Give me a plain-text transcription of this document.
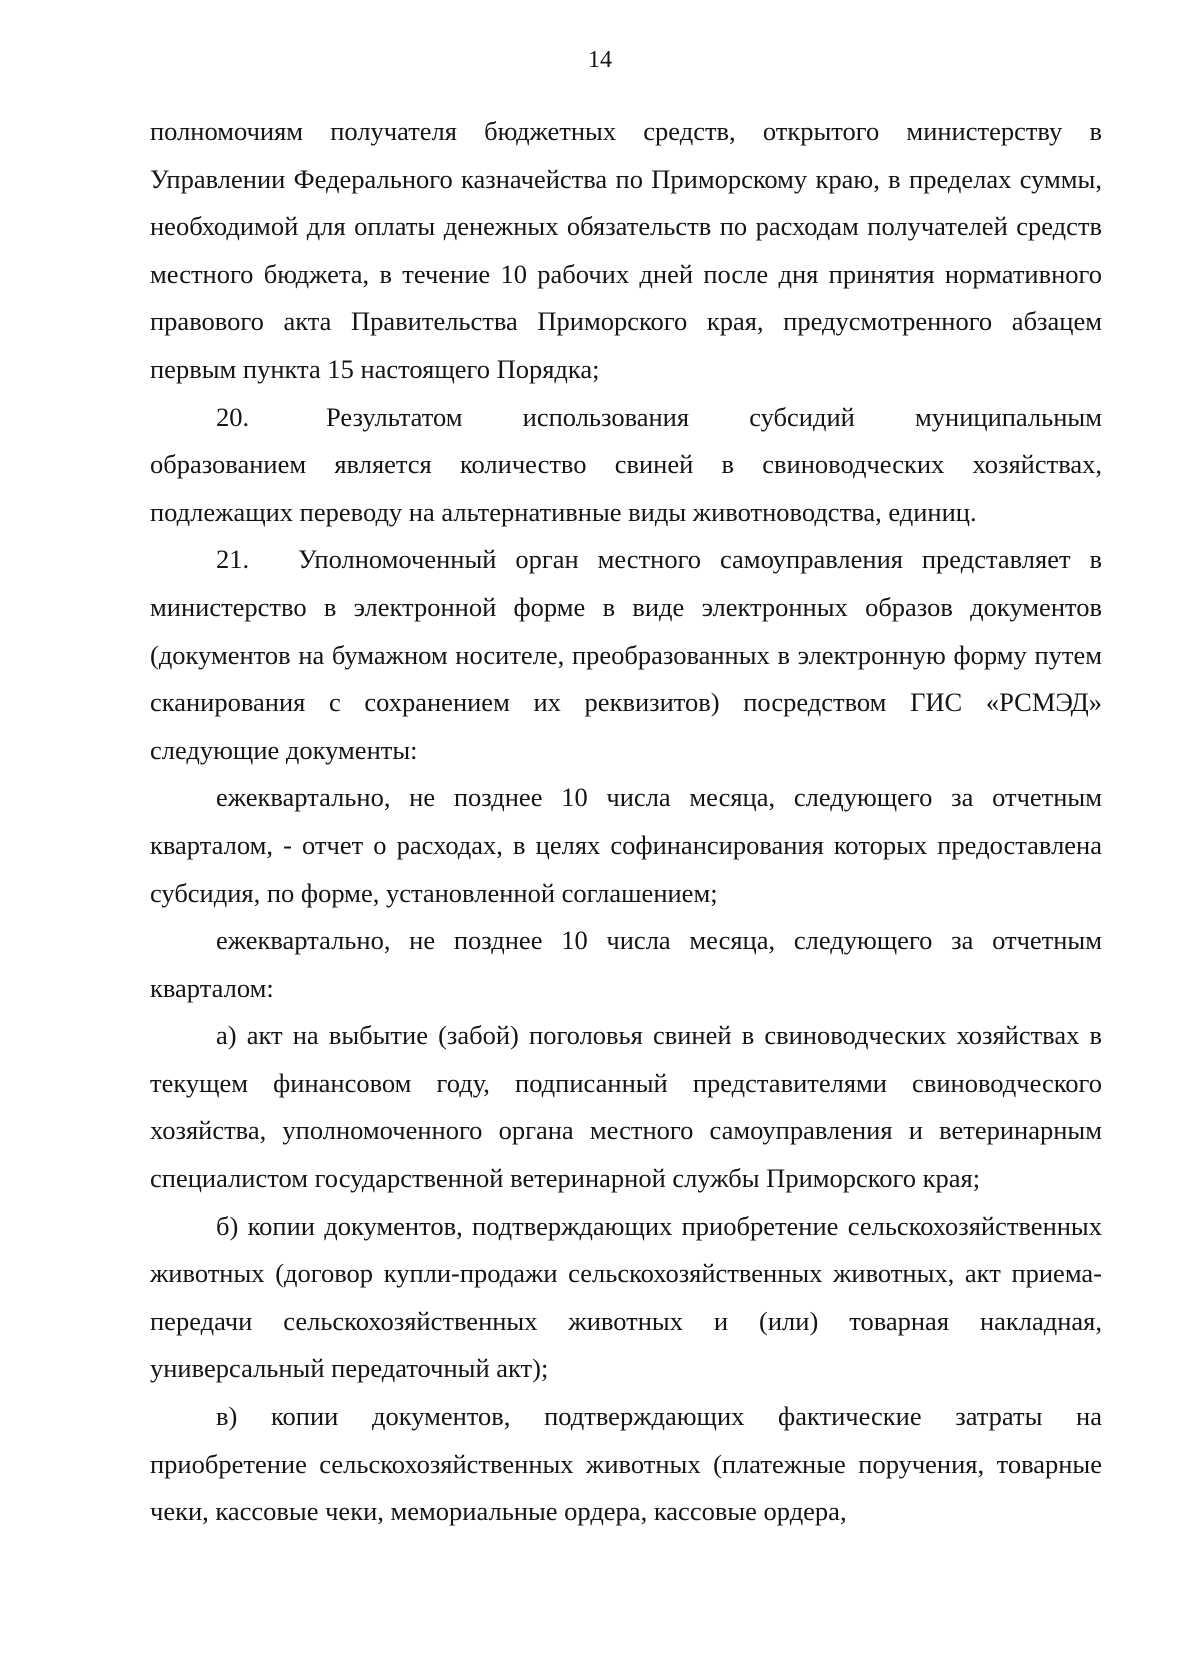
14

полномочиям получателя бюджетных средств, открытого министерству в Управлении Федерального казначейства по Приморскому краю, в пределах суммы, необходимой для оплаты денежных обязательств по расходам получателей средств местного бюджета, в течение 10 рабочих дней после дня принятия нормативного правового акта Правительства Приморского края, предусмотренного абзацем первым пункта 15 настоящего Порядка;

20.	Результатом использования субсидий муниципальным образованием является количество свиней в свиноводческих хозяйствах, подлежащих переводу на альтернативные виды животноводства, единиц.

21. Уполномоченный орган местного самоуправления представляет в министерство в электронной форме в виде электронных образов документов (документов на бумажном носителе, преобразованных в электронную форму путем сканирования с сохранением их реквизитов) посредством ГИС «РСМЭД» следующие документы:

ежеквартально, не позднее 10 числа месяца, следующего за отчетным кварталом, - отчет о расходах, в целях софинансирования которых предоставлена субсидия, по форме, установленной соглашением;

ежеквартально, не позднее 10 числа месяца, следующего за отчетным кварталом:

а) акт на выбытие (забой) поголовья свиней в свиноводческих хозяйствах в текущем финансовом году, подписанный представителями свиноводческого хозяйства, уполномоченного органа местного самоуправления и ветеринарным специалистом государственной ветеринарной службы Приморского края;

б) копии документов, подтверждающих приобретение сельскохозяйственных животных (договор купли-продажи сельскохозяйственных животных, акт приема-передачи сельскохозяйственных животных и (или) товарная накладная, универсальный передаточный акт);

в) копии документов, подтверждающих фактические затраты на приобретение сельскохозяйственных животных (платежные поручения, товарные чеки, кассовые чеки, мемориальные ордера, кассовые ордера,
